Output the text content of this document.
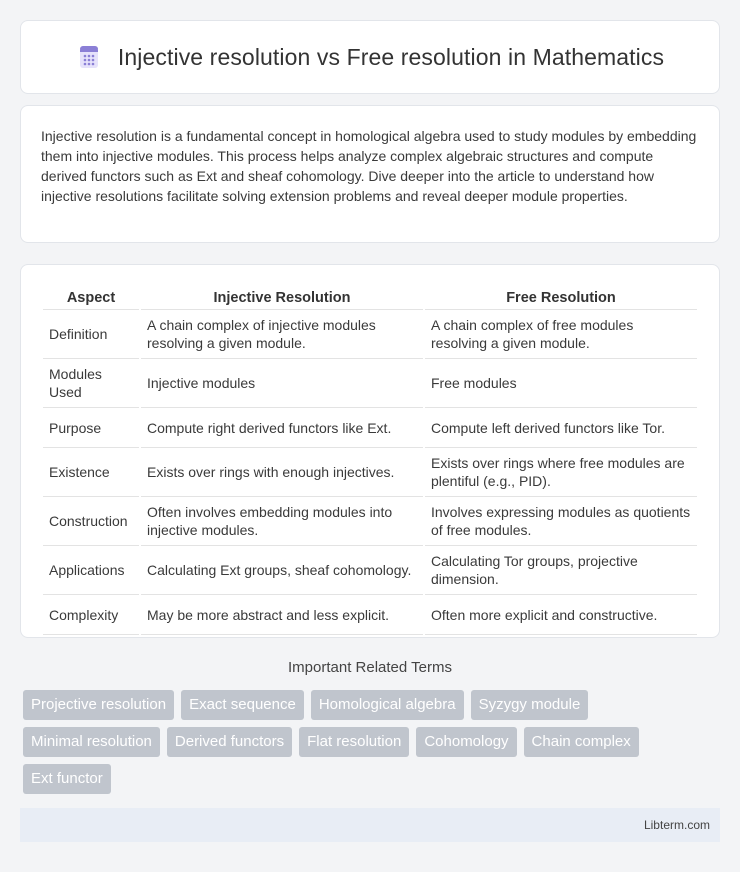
Injective resolution vs Free resolution in Mathematics

Injective resolution is a fundamental concept in homological algebra used to study modules by embedding them into injective modules. This process helps analyze complex algebraic structures and compute derived functors such as Ext and sheaf cohomology. Dive deeper into the article to understand how injective resolutions facilitate solving extension problems and reveal deeper module properties.

Aspect	Injective Resolution	Free Resolution
Definition	A chain complex of injective modules resolving a given module.	A chain complex of free modules resolving a given module.
Modules Used	Injective modules	Free modules
Purpose	Compute right derived functors like Ext.	Compute left derived functors like Tor.
Existence	Exists over rings with enough injectives.	Exists over rings where free modules are plentiful (e.g., PID).
Construction	Often involves embedding modules into injective modules.	Involves expressing modules as quotients of free modules.
Applications	Calculating Ext groups, sheaf cohomology.	Calculating Tor groups, projective dimension.
Complexity	May be more abstract and less explicit.	Often more explicit and constructive.
Important Related Terms
Projective resolution	Exact sequence	Homological algebra	Syzygy module
Minimal resolution	Derived functors	Flat resolution	Cohomology	Chain complex
Ext functor
Libterm.com
